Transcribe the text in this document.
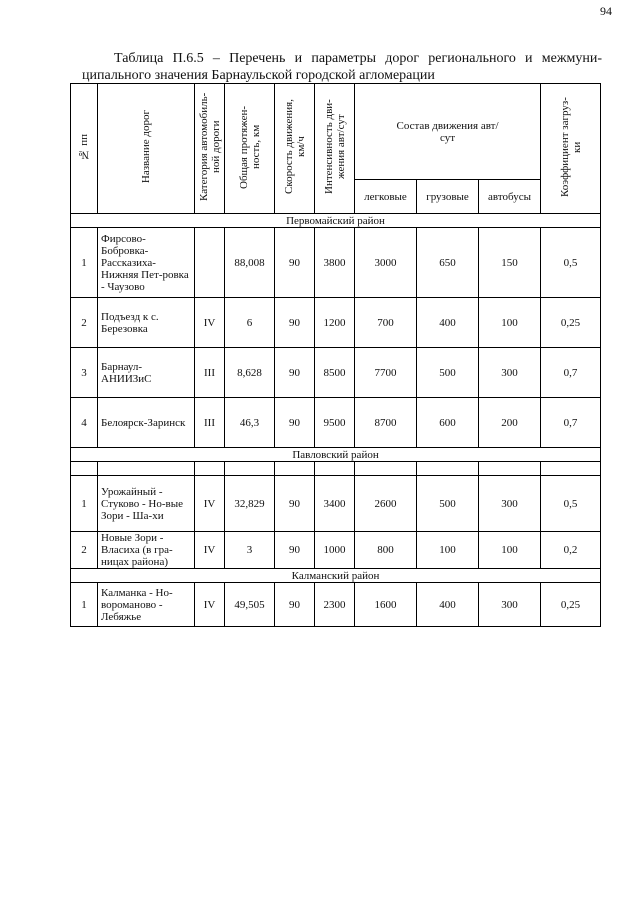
94
Таблица П.6.5 – Перечень и параметры дорог регионального и межмуни-
ципального значения Барнаульской городской агломерации
№ пп	Название дорог	Категория автомобиль-ной дороги	Общая протяжен-ность, км	Скорость движения, км/ч	Интенсивность дви-жения авт/сут	Состав движения авт/сут			Коэффициент загруз-ки
						легковые	грузовые	автобусы	
Первомайский район									
1	Фирсово-Бобровка-Рассказиха-Нижняя Пет-ровка - Чаузово		88,008	90	3800	3000	650	150	0,5
2	Подъезд к с. Березовка	IV	6	90	1200	700	400	100	0,25
3	Барнаул-АНИИЗиС	III	8,628	90	8500	7700	500	300	0,7
4	Белоярск-Заринск	III	46,3	90	9500	8700	600	200	0,7
Павловский район									

1	Урожайный - Стуково - Но-вые Зори - Ша-хи	IV	32,829	90	3400	2600	500	300	0,5
2	Новые Зори - Власиха (в гра-ницах района)	IV	3	90	1000	800	100	100	0,2
Калманский район									
1	Калманка - Но-вороманово - Лебяжье	IV	49,505	90	2300	1600	400	300	0,25
